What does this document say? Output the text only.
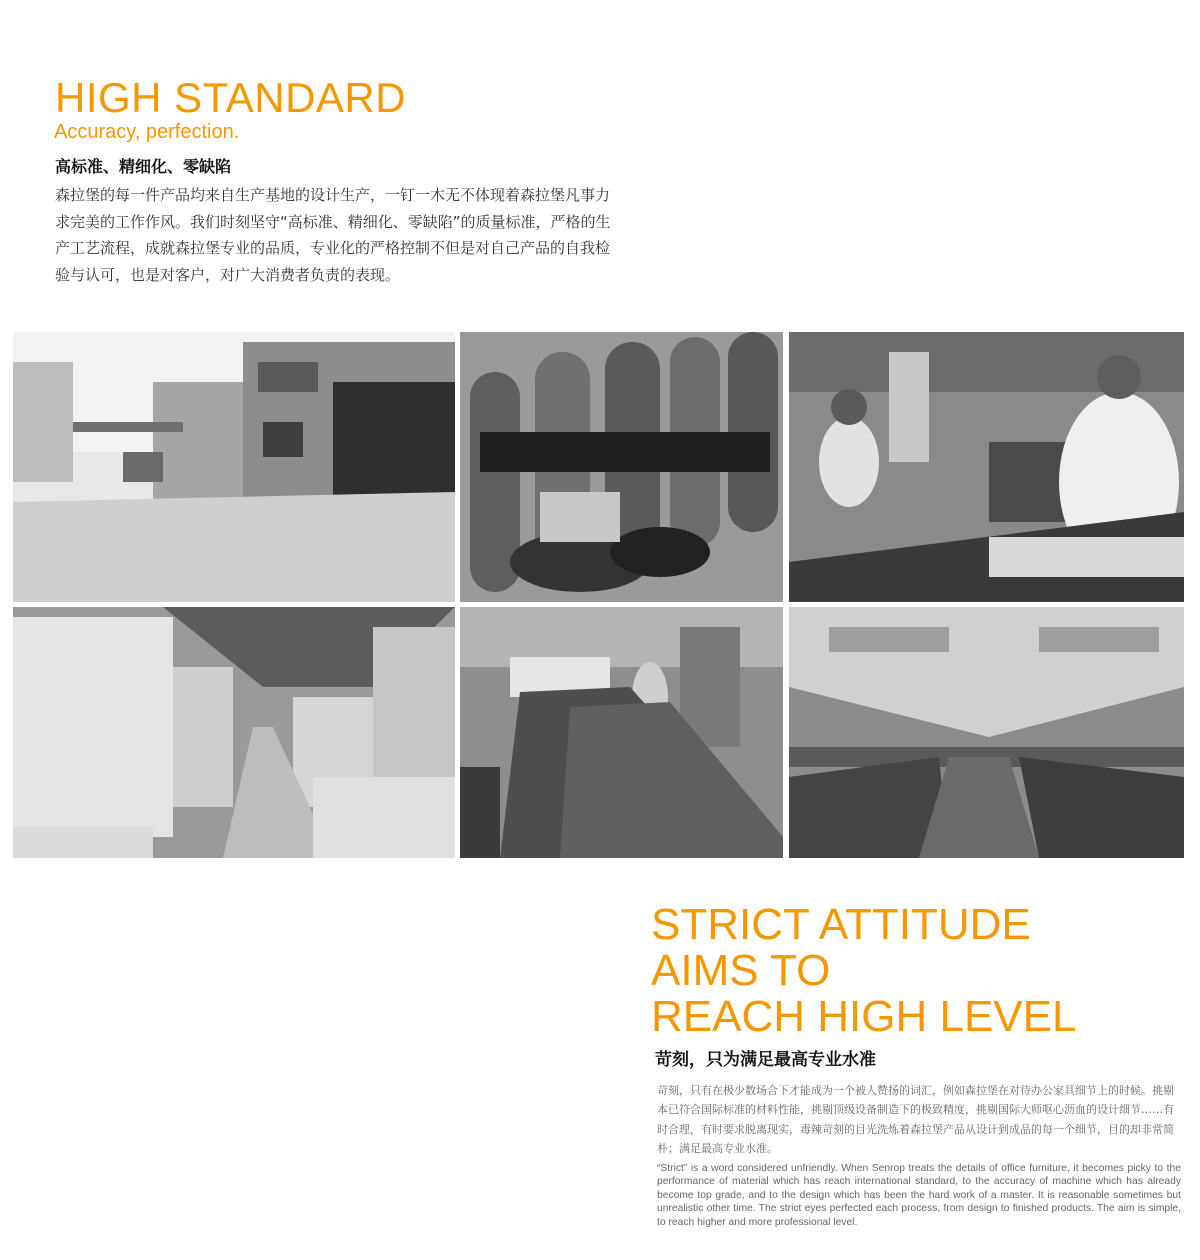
HIGH STANDARD
Accuracy, perfection.
高标准、精细化、零缺陷
森拉堡的每一件产品均来自生产基地的设计生产，一钉一木无不体现着森拉堡凡事力求完美的工作作风。我们时刻坚守“高标准、精细化、零缺陷”的质量标准，严格的生产工艺流程，成就森拉堡专业的品质，专业化的严格控制不但是对自己产品的自我检验与认可，也是对客户，对广大消费者负责的表现。
STRICT ATTITUDE
AIMS TO
REACH HIGH LEVEL
苛刻，只为满足最高专业水准
苛刻，只有在极少数场合下才能成为一个被人赞扬的词汇，例如森拉堡在对待办公家具细节上的时候。挑剔本已符合国际标准的材料性能，挑剔顶级设备制造下的极致精度，挑剔国际大师呕心沥血的设计细节……有时合理，有时要求脱离现实，毒辣苛刻的目光洗炼着森拉堡产品从设计到成品的每一个细节，目的却非常简朴；满足最高专业水准。
“Strict” is a word considered unfriendly. When Senrop treats the details of office furniture, it becomes picky to the performance of material which has reach international standard, to the accuracy of machine which has already become top grade, and to the design which has been the hard work of a master. It is reasonable sometimes but unrealistic other time. The strict eyes perfected each process, from design to finished products. The aim is simple, to reach higher and more professional level.
